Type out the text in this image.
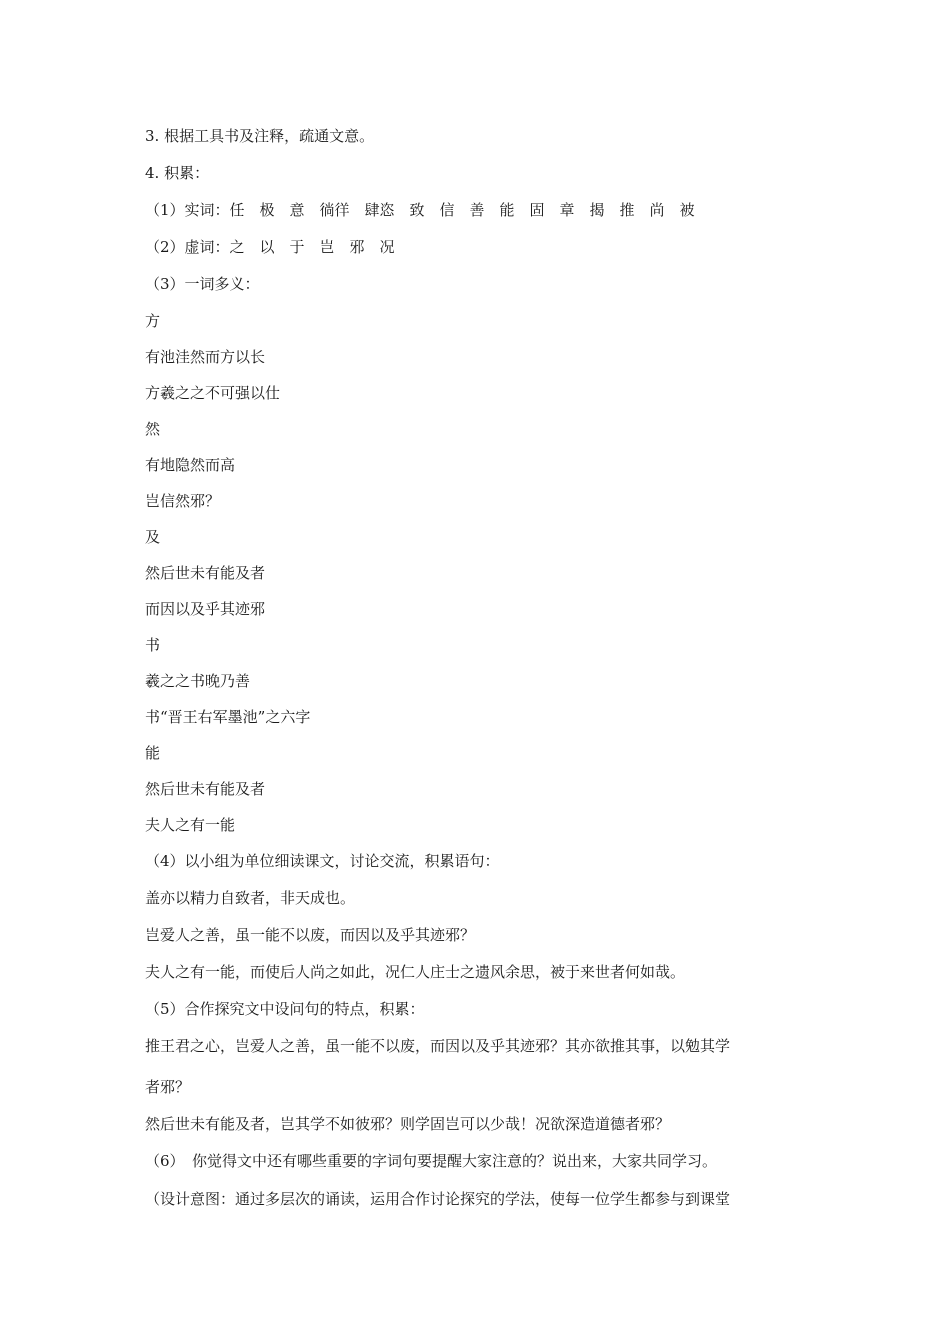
3. 根据工具书及注释，疏通文意。
4. 积累：
（1）实词：任　极　意　徜徉　肆恣　致　信　善　能　固　章　揭　推　尚　被
（2）虚词：之　以　于　岂　邪　况
（3）一词多义：
方
有池洼然而方以长
方羲之之不可强以仕
然
有地隐然而高
岂信然邪？
及
然后世未有能及者
而因以及乎其迹邪
书
羲之之书晚乃善
书“晋王右军墨池”之六字
能
然后世未有能及者
夫人之有一能
（4）以小组为单位细读课文，讨论交流，积累语句：
盖亦以精力自致者，非天成也。
岂爱人之善，虽一能不以废，而因以及乎其迹邪？
夫人之有一能，而使后人尚之如此，况仁人庄士之遗风余思，被于来世者何如哉。
（5）合作探究文中设问句的特点，积累：
推王君之心，岂爱人之善，虽一能不以废，而因以及乎其迹邪？其亦欲推其事，以勉其学
者邪？
然后世未有能及者，岂其学不如彼邪？则学固岂可以少哉！况欲深造道德者邪？
（6）　你觉得文中还有哪些重要的字词句要提醒大家注意的？说出来，大家共同学习。
（设计意图：通过多层次的诵读，运用合作讨论探究的学法，使每一位学生都参与到课堂
